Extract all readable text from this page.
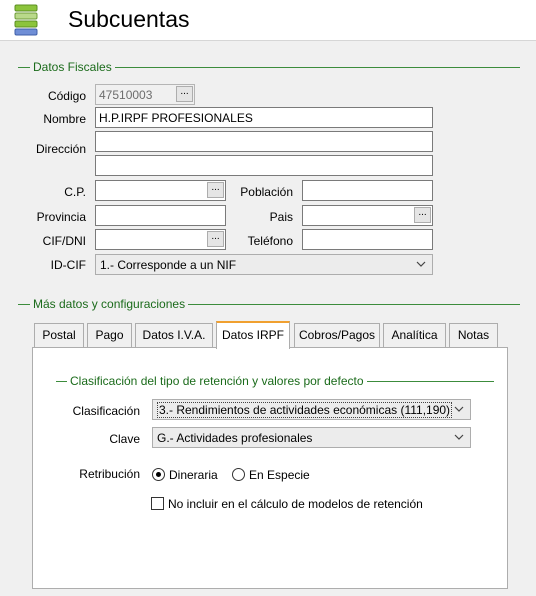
Subcuentas
Datos Fiscales
Código	47510003	...
Nombre	H.P.IRPF PROFESIONALES
Dirección
C.P.	...	Población
Provincia	Pais	...
CIF/DNI	...	Teléfono
ID-CIF	1.- Corresponde a un NIF
Más datos y configuraciones
Postal	Pago	Datos I.V.A.	Datos IRPF	Cobros/Pagos	Analítica	Notas
Clasificación del tipo de retención y valores por defecto
Clasificación	3.- Rendimientos de actividades económicas (111,190)
Clave	G.- Actividades profesionales
Retribución Dineraria	En Especie
No incluir en el cálculo de modelos de retención
